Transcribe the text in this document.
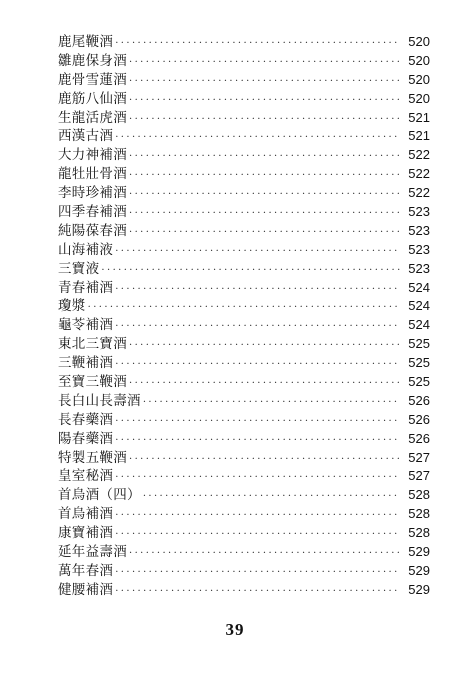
鹿尾鞭酒 ·····	520
雛鹿保身酒 ·····	520
鹿骨雪蓮酒 ·····	520
鹿筋八仙酒 ·····	520
生龍活虎酒 ·····	521
西漢古酒 ·····	521
大力神補酒 ·····	522
龍牡壯骨酒 ·····	522
李時珍補酒 ·····	522
四季春補酒 ·····	523
純陽葆春酒 ·····	523
山海補液 ·····	523
三寶液 ·····	523
青春補酒 ·····	524
瓊漿 ·····	524
龜苓補酒 ·····	524
東北三寶酒 ·····	525
三鞭補酒 ·····	525
至寶三鞭酒 ·····	525
長白山長壽酒 ·····	526
長春藥酒 ·····	526
陽春藥酒 ·····	526
特製五鞭酒 ·····	527
皇室秘酒 ·····	527
首烏酒（四） ·····	528
首烏補酒 ·····	528
康寶補酒 ·····	528
延年益壽酒 ·····	529
萬年春酒 ·····	529
健腰補酒 ·····	529
39
